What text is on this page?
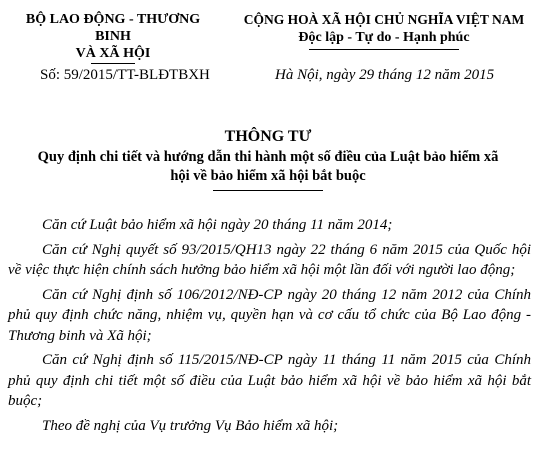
BỘ LAO ĐỘNG - THƯƠNG BINH
VÀ XÃ HỘI
CỘNG HOÀ XÃ HỘI CHỦ NGHĨA VIỆT NAM
Độc lập - Tự do - Hạnh phúc
Số: 59/2015/TT-BLĐTBXH	Hà Nội, ngày 29 tháng 12 năm 2015
THÔNG TƯ
Quy định chi tiết và hướng dẫn thi hành một số điều của Luật bảo hiểm xã hội về bảo hiểm xã hội bắt buộc

Căn cứ Luật bảo hiểm xã hội ngày 20 tháng 11 năm 2014;

Căn cứ Nghị quyết số 93/2015/QH13 ngày 22 tháng 6 năm 2015 của Quốc hội về việc thực hiện chính sách hưởng bảo hiểm xã hội một lần đối với người lao động;

Căn cứ Nghị định số 106/2012/NĐ-CP ngày 20 tháng 12 năm 2012 của Chính phủ quy định chức năng, nhiệm vụ, quyền hạn và cơ cấu tổ chức của Bộ Lao động - Thương binh và Xã hội;

Căn cứ Nghị định số 115/2015/NĐ-CP ngày 11 tháng 11 năm 2015 của Chính phủ quy định chi tiết một số điều của Luật bảo hiểm xã hội về bảo hiểm xã hội bắt buộc;

Theo đề nghị của Vụ trưởng Vụ Bảo hiểm xã hội;
